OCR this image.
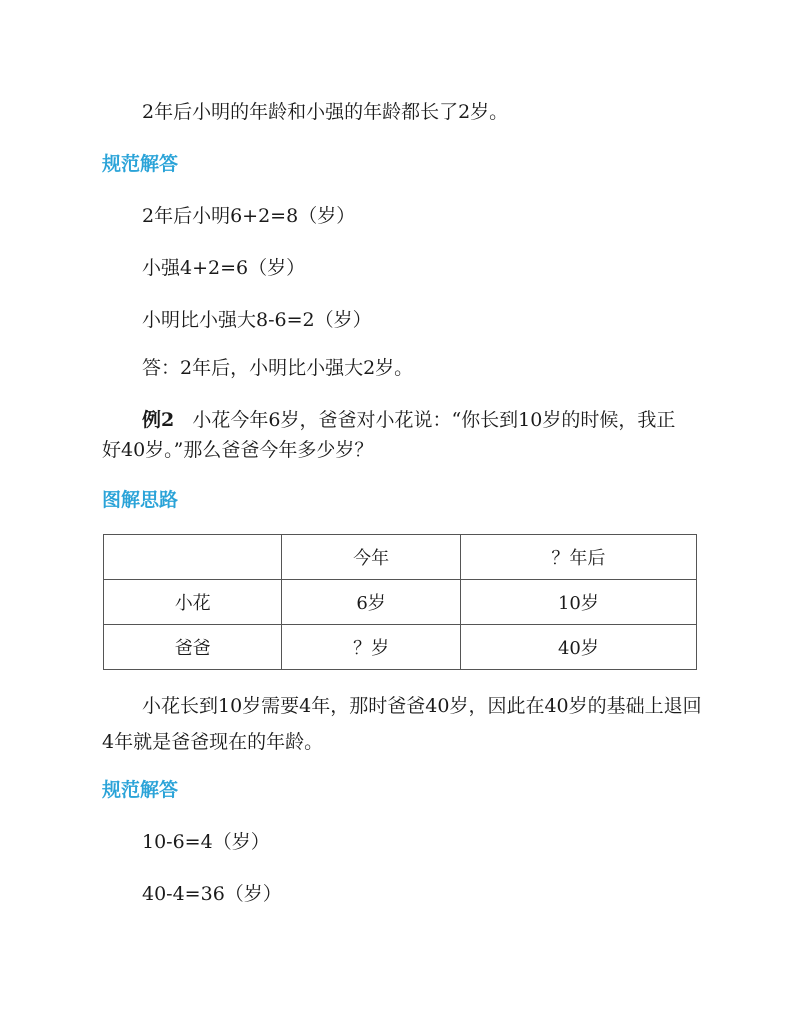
2年后小明的年龄和小强的年龄都长了2岁。
规范解答
2年后小明6+2=8（岁）
小强4+2=6（岁）
小明比小强大8-6=2（岁）
答：2年后，小明比小强大2岁。
例2 小花今年6岁，爸爸对小花说：“你长到10岁的时候，我正
好40岁。”那么爸爸今年多少岁？
图解思路
	今年	？年后
小花	6岁	10岁
爸爸	？岁	40岁
小花长到10岁需要4年，那时爸爸40岁，因此在40岁的基础上退回
4年就是爸爸现在的年龄。
规范解答
10-6=4（岁）
40-4=36（岁）
